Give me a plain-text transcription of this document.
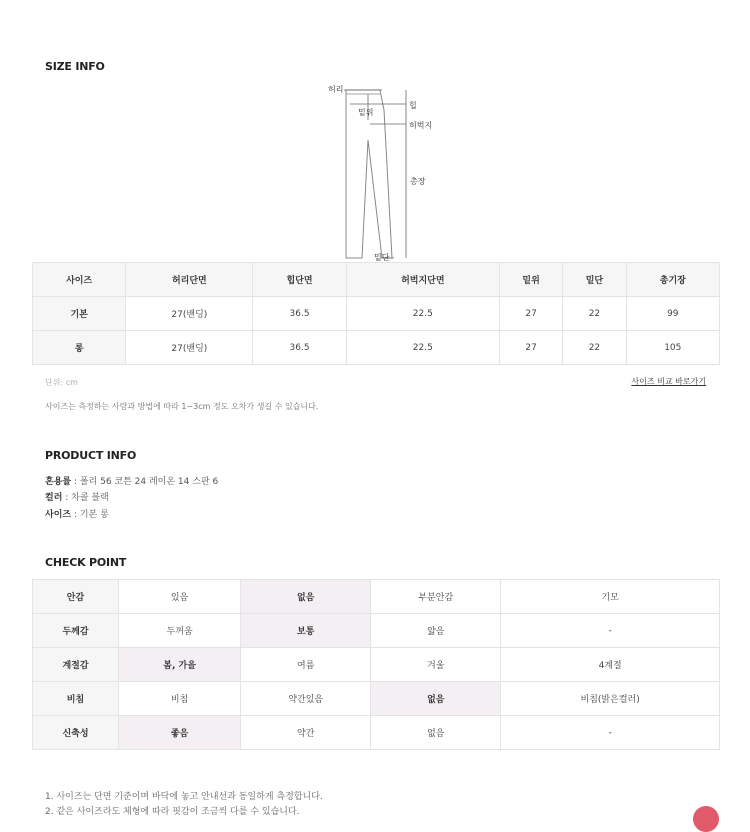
SIZE INFO
허리
밑위
힙
허벅지
총장
밑단
사이즈	허리단면	힙단면	허벅지단면	밑위	밑단	총기장
기본	27(밴딩)	36.5	22.5	27	22	99
롱	27(밴딩)	36.5	22.5	27	22	105
단위: cm	사이즈 비교 바로가기
사이즈는 측정하는 사람과 방법에 따라 1~3cm 정도 오차가 생길 수 있습니다.
PRODUCT INFO
혼용률 : 폴리 56 코튼 24 레이온 14 스판 6
컬러 : 차콜 블랙
사이즈 : 기본 롱
CHECK POINT
안감	있음	없음	부분안감	기모
두께감	두꺼움	보통	얇음	-
계절감	봄, 가을	여름	겨울	4계절
비침	비침	약간있음	없음	비침(밝은컬러)
신축성	좋음	약간	없음	-
1. 사이즈는 단면 기준이며 바닥에 놓고 안내선과 동일하게 측정합니다.
2. 같은 사이즈라도 체형에 따라 핏감이 조금씩 다를 수 있습니다.
